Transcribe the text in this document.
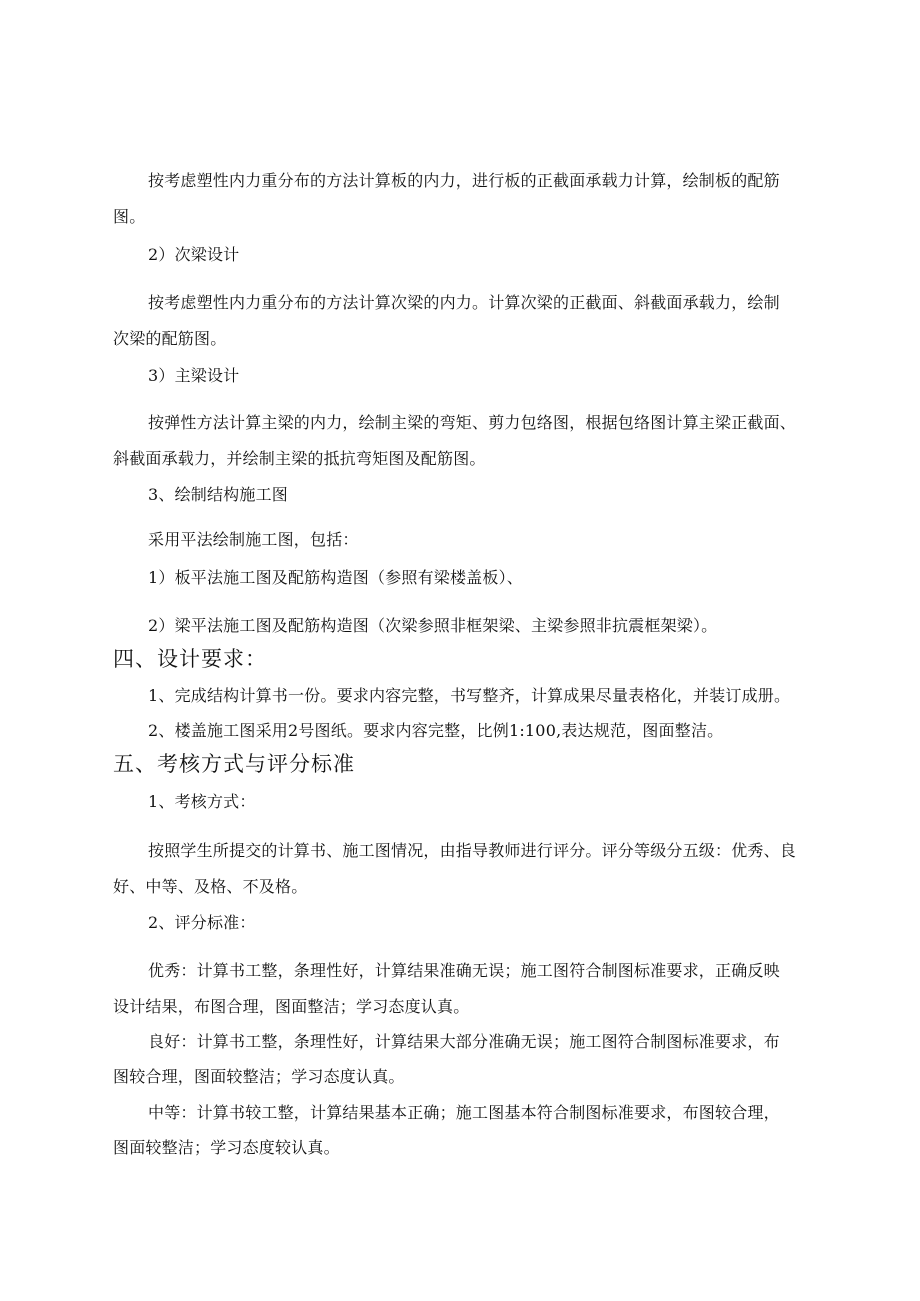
按考虑塑性内力重分布的方法计算板的内力，进行板的正截面承载力计算，绘制板的配筋
图。
2）次梁设计
按考虑塑性内力重分布的方法计算次梁的内力。计算次梁的正截面、斜截面承载力，绘制
次梁的配筋图。
3）主梁设计
按弹性方法计算主梁的内力，绘制主梁的弯矩、剪力包络图，根据包络图计算主梁正截面、
斜截面承载力，并绘制主梁的抵抗弯矩图及配筋图。
3、绘制结构施工图
采用平法绘制施工图，包括：
1）板平法施工图及配筋构造图（参照有梁楼盖板）、
2）梁平法施工图及配筋构造图（次梁参照非框架梁、主梁参照非抗震框架梁）。
四、设计要求：
1、完成结构计算书一份。要求内容完整，书写整齐，计算成果尽量表格化，并装订成册。
2、楼盖施工图采用2号图纸。要求内容完整，比例1:100,表达规范，图面整洁。
五、考核方式与评分标准
1、考核方式：
按照学生所提交的计算书、施工图情况，由指导教师进行评分。评分等级分五级：优秀、良
好、中等、及格、不及格。
2、评分标准：
优秀：计算书工整，条理性好，计算结果准确无误；施工图符合制图标准要求，正确反映
设计结果，布图合理，图面整洁；学习态度认真。
良好：计算书工整，条理性好，计算结果大部分准确无误；施工图符合制图标准要求，布
图较合理，图面较整洁；学习态度认真。
中等：计算书较工整，计算结果基本正确；施工图基本符合制图标准要求，布图较合理，
图面较整洁；学习态度较认真。
